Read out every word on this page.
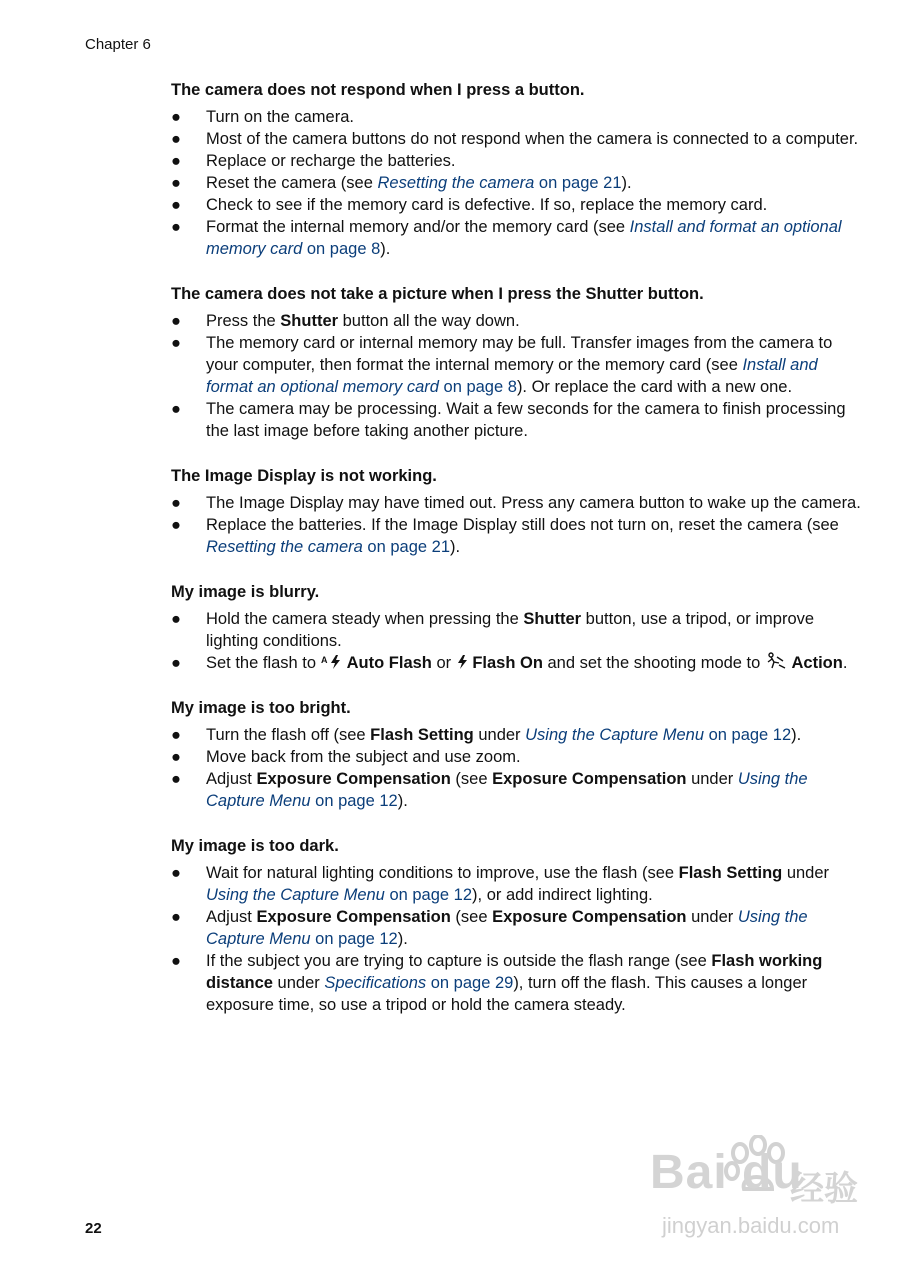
Chapter 6
The camera does not respond when I press a button.
● Turn on the camera.
● Most of the camera buttons do not respond when the camera is connected to a computer.
● Replace or recharge the batteries.
● Reset the camera (see Resetting the camera on page 21).
● Check to see if the memory card is defective. If so, replace the memory card.
● Format the internal memory and/or the memory card (see Install and format an optional memory card on page 8).
The camera does not take a picture when I press the Shutter button.
● Press the Shutter button all the way down.
● The memory card or internal memory may be full. Transfer images from the camera to your computer, then format the internal memory or the memory card (see Install and format an optional memory card on page 8). Or replace the card with a new one.
● The camera may be processing. Wait a few seconds for the camera to finish processing the last image before taking another picture.
The Image Display is not working.
● The Image Display may have timed out. Press any camera button to wake up the camera.
● Replace the batteries. If the Image Display still does not turn on, reset the camera (see Resetting the camera on page 21).
My image is blurry.
● Hold the camera steady when pressing the Shutter button, use a tripod, or improve lighting conditions.
● Set the flash to A Auto Flash or  Flash On and set the shooting mode to  Action.
My image is too bright.
● Turn the flash off (see Flash Setting under Using the Capture Menu on page 12).
● Move back from the subject and use zoom.
● Adjust Exposure Compensation (see Exposure Compensation under Using the Capture Menu on page 12).
My image is too dark.
● Wait for natural lighting conditions to improve, use the flash (see Flash Setting under Using the Capture Menu on page 12), or add indirect lighting.
● Adjust Exposure Compensation (see Exposure Compensation under Using the Capture Menu on page 12).
● If the subject you are trying to capture is outside the flash range (see Flash working distance under Specifications on page 29), turn off the flash. This causes a longer exposure time, so use a tripod or hold the camera steady.
22
Bai du
经验
jingyan.baidu.com
